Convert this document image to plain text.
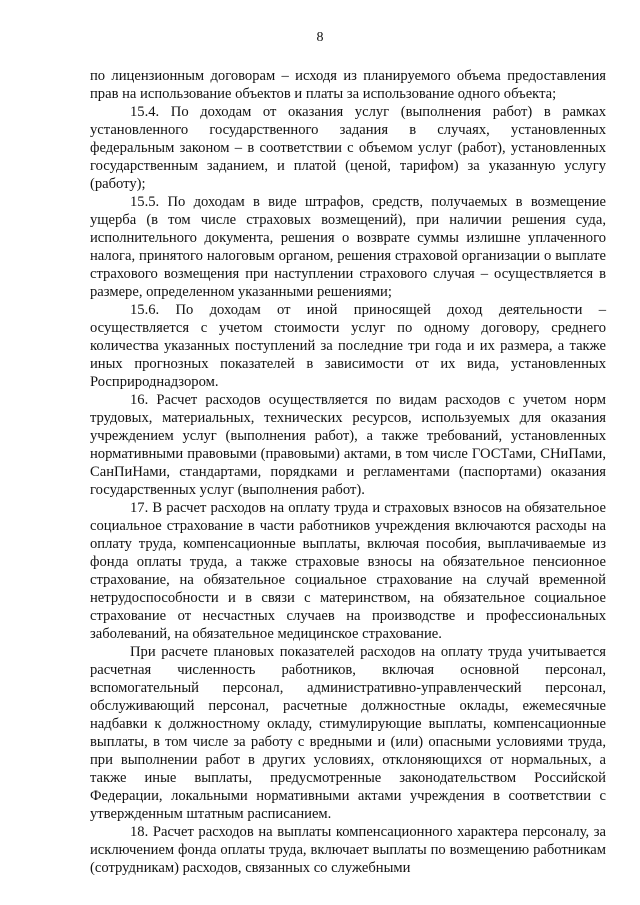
8

по лицензионным договорам – исходя из планируемого объема предоставления прав на использование объектов и платы за использование одного объекта;

15.4. По доходам от оказания услуг (выполнения работ) в рамках установленного государственного задания в случаях, установленных федеральным законом – в соответствии с объемом услуг (работ), установленных государственным заданием, и платой (ценой, тарифом) за указанную услугу (работу);

15.5. По доходам в виде штрафов, средств, получаемых в возмещение ущерба (в том числе страховых возмещений), при наличии решения суда, исполнительного документа, решения о возврате суммы излишне уплаченного налога, принятого налоговым органом, решения страховой организации о выплате страхового возмещения при наступлении страхового случая – осуществляется в размере, определенном указанными решениями;

15.6. По доходам от иной приносящей доход деятельности – осуществляется с учетом стоимости услуг по одному договору, среднего количества указанных поступлений за последние три года и их размера, а также иных прогнозных показателей в зависимости от их вида, установленных Росприроднадзором.

16. Расчет расходов осуществляется по видам расходов с учетом норм трудовых, материальных, технических ресурсов, используемых для оказания учреждением услуг (выполнения работ), а также требований, установленных нормативными правовыми (правовыми) актами, в том числе ГОСТами, СНиПами, СанПиНами, стандартами, порядками и регламентами (паспортами) оказания государственных услуг (выполнения работ).

17. В расчет расходов на оплату труда и страховых взносов на обязательное социальное страхование в части работников учреждения включаются расходы на оплату труда, компенсационные выплаты, включая пособия, выплачиваемые из фонда оплаты труда, а также страховые взносы на обязательное пенсионное страхование, на обязательное социальное страхование на случай временной нетрудоспособности и в связи с материнством, на обязательное социальное страхование от несчастных случаев на производстве и профессиональных заболеваний, на обязательное медицинское страхование.

При расчете плановых показателей расходов на оплату труда учитывается расчетная численность работников, включая основной персонал, вспомогательный персонал, административно-управленческий персонал, обслуживающий персонал, расчетные должностные оклады, ежемесячные надбавки к должностному окладу, стимулирующие выплаты, компенсационные выплаты, в том числе за работу с вредными и (или) опасными условиями труда, при выполнении работ в других условиях, отклоняющихся от нормальных, а также иные выплаты, предусмотренные законодательством Российской Федерации, локальными нормативными актами учреждения в соответствии с утвержденным штатным расписанием.

18. Расчет расходов на выплаты компенсационного характера персоналу, за исключением фонда оплаты труда, включает выплаты по возмещению работникам (сотрудникам) расходов, связанных со служебными
